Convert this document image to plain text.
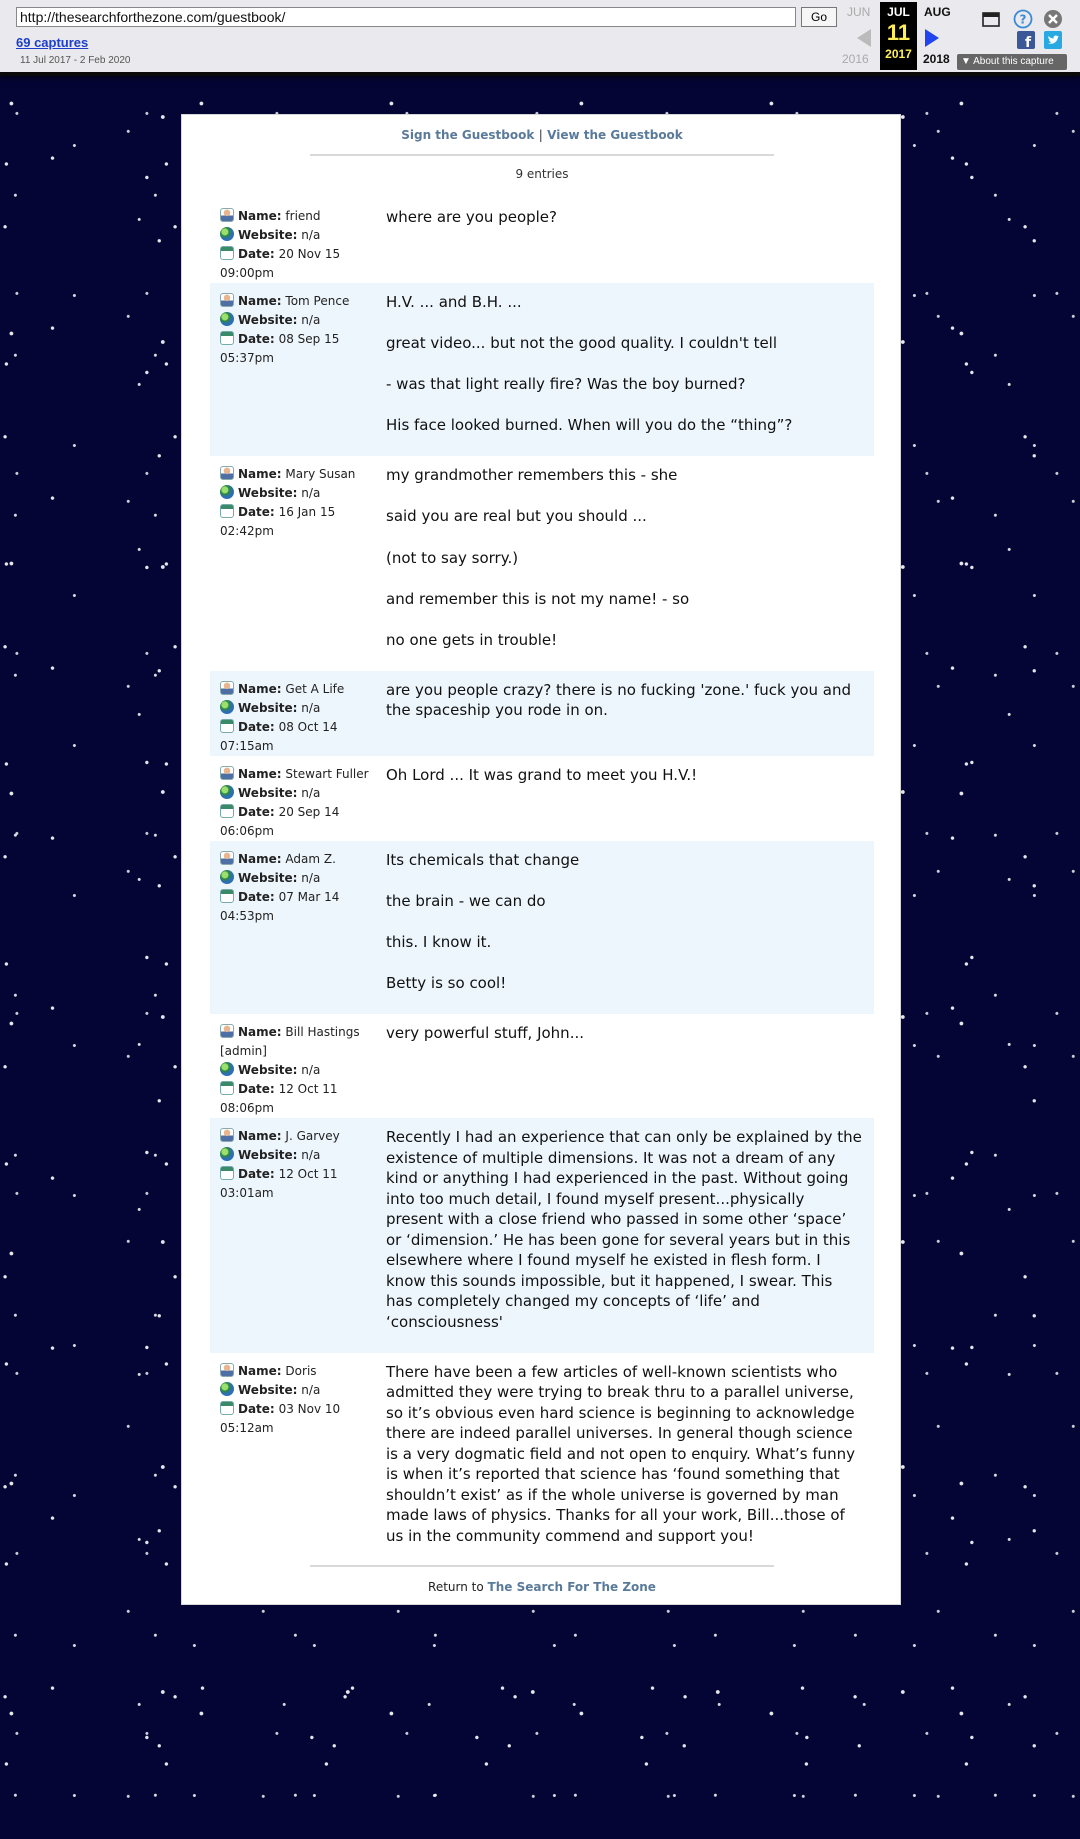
http://thesearchforthezone.com/guestbook/	Go
69 captures
11 Jul 2017 - 2 Feb 2020
JUN	JUL
11
2017
AUG
2016	2018
?
f
▼ About this capture
Sign the Guestbook | View the Guestbook
9 entries
Name: friend
Website: n/a
Date: 20 Nov 15
09:00pm

where are you people?

Name: Tom Pence
Website: n/a
Date: 08 Sep 15
05:37pm

H.V. ... and B.H. ...

great video... but not the good quality. I couldn't tell

- was that light really fire? Was the boy burned?

His face looked burned. When will you do the “thing”?

Name: Mary Susan
Website: n/a
Date: 16 Jan 15
02:42pm

my grandmother remembers this - she

said you are real but you should ...

(not to say sorry.)

and remember this is not my name! - so

no one gets in trouble!

Name: Get A Life
Website: n/a
Date: 08 Oct 14
07:15am

are you people crazy? there is no fucking 'zone.' fuck you and the spaceship you rode in on.

Name: Stewart Fuller
Website: n/a
Date: 20 Sep 14
06:06pm

Oh Lord ... It was grand to meet you H.V.!

Name: Adam Z.
Website: n/a
Date: 07 Mar 14
04:53pm

Its chemicals that change

the brain - we can do

this. I know it.

Betty is so cool!

Name: Bill Hastings [admin]
Website: n/a
Date: 12 Oct 11
08:06pm

very powerful stuff, John...

Name: J. Garvey
Website: n/a
Date: 12 Oct 11
03:01am

Recently I had an experience that can only be explained by the existence of multiple dimensions. It was not a dream of any kind or anything I had experienced in the past. Without going into too much detail, I found myself present...physically present with a close friend who passed in some other ‘space’ or ‘dimension.’ He has been gone for several years but in this elsewhere where I found myself he existed in flesh form. I know this sounds impossible, but it happened, I swear. This has completely changed my concepts of ‘life’ and ‘consciousness'

Name: Doris
Website: n/a
Date: 03 Nov 10
05:12am

There have been a few articles of well-known scientists who admitted they were trying to break thru to a parallel universe, so it’s obvious even hard science is beginning to acknowledge there are indeed parallel universes. In general though science is a very dogmatic field and not open to enquiry. What’s funny is when it’s reported that science has ‘found something that shouldn’t exist’ as if the whole universe is governed by man made laws of physics. Thanks for all your work, Bill...those of us in the community commend and support you!

Return to The Search For The Zone
